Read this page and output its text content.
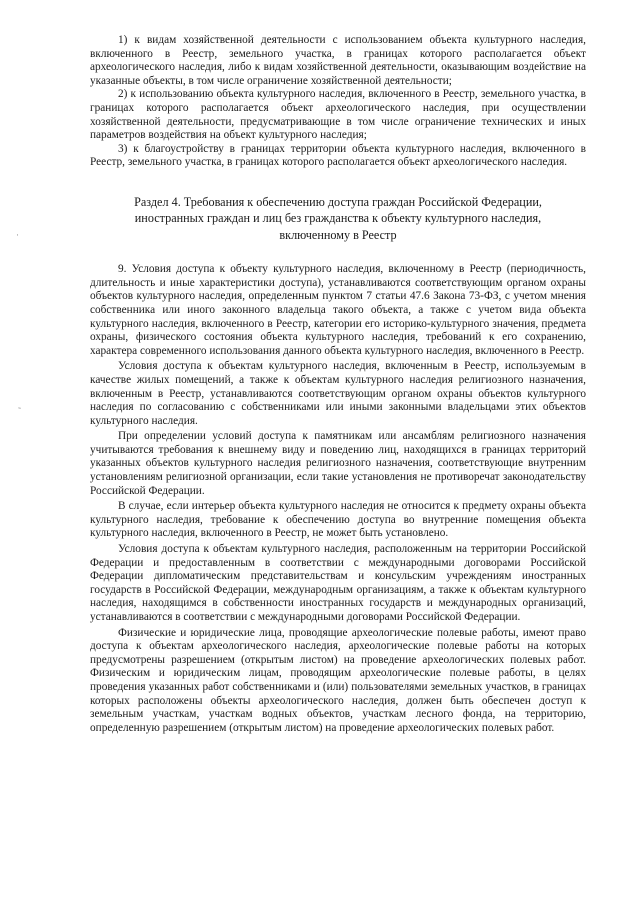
·
˜

1) к видам хозяйственной деятельности с использованием объекта культурного наследия, включенного в Реестр, земельного участка, в границах которого располагается объект археологического наследия, либо к видам хозяйственной деятельности, оказывающим воздействие на указанные объекты, в том числе ограничение хозяйственной деятельности;

2) к использованию объекта культурного наследия, включенного в Реестр, земельного участка, в границах которого располагается объект археологического наследия, при осуществлении хозяйственной деятельности, предусматривающие в том числе ограничение технических и иных параметров воздействия на объект культурного наследия;

3) к благоустройству в границах территории объекта культурного наследия, включенного в Реестр, земельного участка, в границах которого располагается объект археологического наследия.

Раздел 4. Требования к обеспечению доступа граждан Российской Федерации, иностранных граждан и лиц без гражданства к объекту культурного наследия, включенному в Реестр

9. Условия доступа к объекту культурного наследия, включенному в Реестр (периодичность, длительность и иные характеристики доступа), устанавливаются соответствующим органом охраны объектов культурного наследия, определенным пунктом 7 статьи 47.6 Закона 73-ФЗ, с учетом мнения собственника или иного законного владельца такого объекта, а также с учетом вида объекта культурного наследия, включенного в Реестр, категории его историко-культурного значения, предмета охраны, физического состояния объекта культурного наследия, требований к его сохранению, характера современного использования данного объекта культурного наследия, включенного в Реестр.

Условия доступа к объектам культурного наследия, включенным в Реестр, используемым в качестве жилых помещений, а также к объектам культурного наследия религиозного назначения, включенным в Реестр, устанавливаются соответствующим органом охраны объектов культурного наследия по согласованию с собственниками или иными законными владельцами этих объектов культурного наследия.

При определении условий доступа к памятникам или ансамблям религиозного назначения учитываются требования к внешнему виду и поведению лиц, находящихся в границах территорий указанных объектов культурного наследия религиозного назначения, соответствующие внутренним установлениям религиозной организации, если такие установления не противоречат законодательству Российской Федерации.

В случае, если интерьер объекта культурного наследия не относится к предмету охраны объекта культурного наследия, требование к обеспечению доступа во внутренние помещения объекта культурного наследия, включенного в Реестр, не может быть установлено.

Условия доступа к объектам культурного наследия, расположенным на территории Российской Федерации и предоставленным в соответствии с международными договорами Российской Федерации дипломатическим представительствам и консульским учреждениям иностранных государств в Российской Федерации, международным организациям, а также к объектам культурного наследия, находящимся в собственности иностранных государств и международных организаций, устанавливаются в соответствии с международными договорами Российской Федерации.

Физические и юридические лица, проводящие археологические полевые работы, имеют право доступа к объектам археологического наследия, археологические полевые работы на которых предусмотрены разрешением (открытым листом) на проведение археологических полевых работ. Физическим и юридическим лицам, проводящим археологические полевые работы, в целях проведения указанных работ собственниками и (или) пользователями земельных участков, в границах которых расположены объекты археологического наследия, должен быть обеспечен доступ к земельным участкам, участкам водных объектов, участкам лесного фонда, на территорию, определенную разрешением (открытым листом) на проведение археологических полевых работ.
